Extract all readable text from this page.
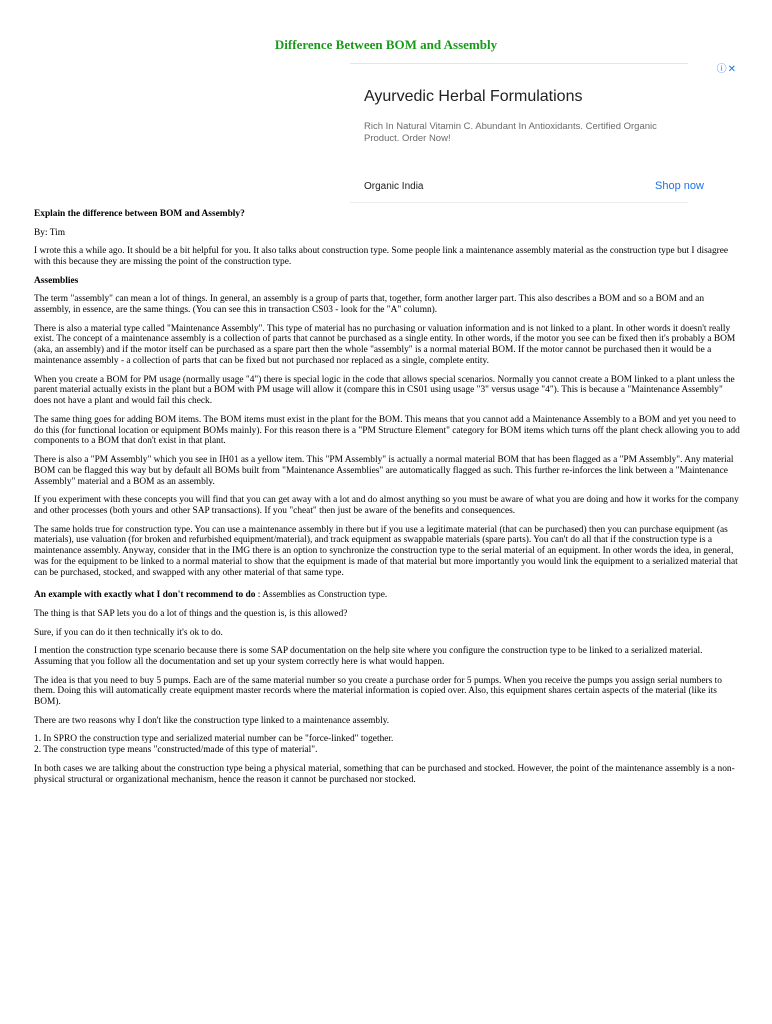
Difference Between BOM and Assembly
ⓘ✕
Ayurvedic Herbal Formulations
Rich In Natural Vitamin C. Abundant In Antioxidants. Certified Organic Product. Order Now!
Organic India	Shop now

Explain the difference between BOM and Assembly?

By: Tim

I wrote this a while ago. It should be a bit helpful for you. It also talks about construction type. Some people link a maintenance assembly material as the construction type but I disagree with this because they are missing the point of the construction type.

Assemblies

The term "assembly" can mean a lot of things. In general, an assembly is a group of parts that, together, form another larger part. This also describes a BOM and so a BOM and an assembly, in essence, are the same things. (You can see this in transaction CS03 - look for the "A" column).

There is also a material type called "Maintenance Assembly". This type of material has no purchasing or valuation information and is not linked to a plant. In other words it doesn't really exist. The concept of a maintenance assembly is a collection of parts that cannot be purchased as a single entity. In other words, if the motor you see can be fixed then it's probably a BOM (aka, an assembly) and if the motor itself can be purchased as a spare part then the whole "assembly" is a normal material BOM. If the motor cannot be purchased then it would be a maintenance assembly - a collection of parts that can be fixed but not purchased nor replaced as a single, complete entity.

When you create a BOM for PM usage (normally usage "4") there is special logic in the code that allows special scenarios. Normally you cannot create a BOM linked to a plant unless the parent material actually exists in the plant but a BOM with PM usage will allow it (compare this in CS01 using usage "3" versus usage "4"). This is because a "Maintenance Assembly" does not have a plant and would fail this check.

The same thing goes for adding BOM items. The BOM items must exist in the plant for the BOM. This means that you cannot add a Maintenance Assembly to a BOM and yet you need to do this (for functional location or equipment BOMs mainly). For this reason there is a "PM Structure Element" category for BOM items which turns off the plant check allowing you to add components to a BOM that don't exist in that plant.

There is also a "PM Assembly" which you see in IH01 as a yellow item. This "PM Assembly" is actually a normal material BOM that has been flagged as a "PM Assembly". Any material BOM can be flagged this way but by default all BOMs built from "Maintenance Assemblies" are automatically flagged as such. This further re-inforces the link between a "Maintenance Assembly" material and a BOM as an assembly.

If you experiment with these concepts you will find that you can get away with a lot and do almost anything so you must be aware of what you are doing and how it works for the company and other processes (both yours and other SAP transactions). If you "cheat" then just be aware of the benefits and consequences.

The same holds true for construction type. You can use a maintenance assembly in there but if you use a legitimate material (that can be purchased) then you can purchase equipment (as materials), use valuation (for broken and refurbished equipment/material), and track equipment as swappable materials (spare parts). You can't do all that if the construction type is a maintenance assembly. Anyway, consider that in the IMG there is an option to synchronize the construction type to the serial material of an equipment. In other words the idea, in general, was for the equipment to be linked to a normal material to show that the equipment is made of that material but more importantly you would link the equipment to a serialized material that can be purchased, stocked, and swapped with any other material of that same type.

An example with exactly what I don't recommend to do : Assemblies as Construction type.

The thing is that SAP lets you do a lot of things and the question is, is this allowed?

Sure, if you can do it then technically it's ok to do.

I mention the construction type scenario because there is some SAP documentation on the help site where you configure the construction type to be linked to a serialized material. Assuming that you follow all the documentation and set up your system correctly here is what would happen.

The idea is that you need to buy 5 pumps. Each are of the same material number so you create a purchase order for 5 pumps. When you receive the pumps you assign serial numbers to them. Doing this will automatically create equipment master records where the material information is copied over. Also, this equipment shares certain aspects of the material (like its BOM).

There are two reasons why I don't like the construction type linked to a maintenance assembly.

1. In SPRO the construction type and serialized material number can be "force-linked" together.
2. The construction type means "constructed/made of this type of material".

In both cases we are talking about the construction type being a physical material, something that can be purchased and stocked. However, the point of the maintenance assembly is a non-physical structural or organizational mechanism, hence the reason it cannot be purchased nor stocked.
